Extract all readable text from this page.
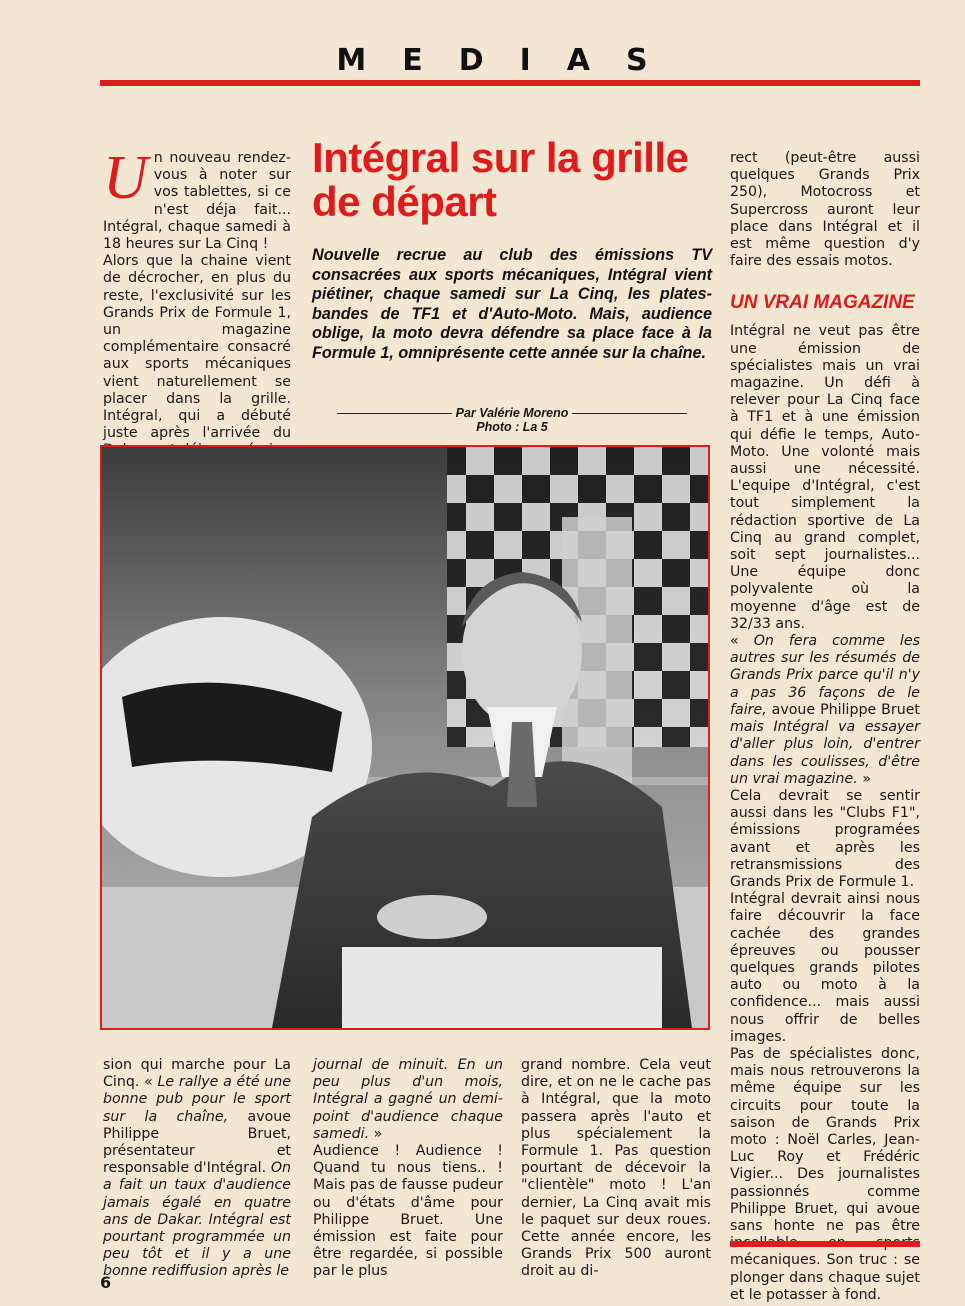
MEDIAS

U n nouveau rendez-vous à noter sur vos tablettes, si ce n'est déja fait... Intégral, chaque samedi à 18 heures sur La Cinq !

Alors que la chaine vient de décrocher, en plus du reste, l'exclusivité sur les Grands Prix de Formule 1, un magazine complémentaire consacré aux sports mécaniques vient naturellement se placer dans la grille. Intégral, qui a débuté juste après l'arrivée du

Intégral sur la grille de départ
Nouvelle recrue au club des émissions TV consacrées aux sports mécaniques, Intégral vient piétiner, chaque samedi sur La Cinq, les plates-bandes de TF1 et d'Auto-Moto. Mais, audience oblige, la moto devra défendre sa place face à la Formule 1, omniprésente cette année sur la chaîne.
Par Valérie Moreno
Photo : La 5

sion qui marche pour La Cinq. « Le rallye a été une bonne pub pour le sport sur la chaîne, avoue Philippe Bruet, présentateur et responsable d'Intégral. On a fait un taux d'audience jamais égalé en quatre ans de Dakar. Intégral est pourtant programmée un peu tôt et il y a une bonne rediffusion après le

journal de minuit. En un peu plus d'un mois, Intégral a gagné un demi-point d'audience chaque samedi. »

Audience ! Audience ! Quand tu nous tiens.. ! Mais pas de fausse pudeur ou d'états d'âme pour Philippe Bruet. Une émission est faite pour être regardée, si possible par le plus

grand nombre. Cela veut dire, et on ne le cache pas à Intégral, que la moto passera après l'auto et plus spécialement la Formule 1. Pas question pourtant de décevoir la "clientèle" moto ! L'an dernier, La Cinq avait mis le paquet sur deux roues. Cette année encore, les Grands Prix 500 auront droit au di-

rect (peut-être aussi quelques Grands Prix 250), Motocross et Supercross auront leur place dans Intégral et il est même question d'y faire des essais motos.

UN VRAI MAGAZINE

Intégral ne veut pas être une émission de spécialistes mais un vrai magazine. Un défi à relever pour La Cinq face à TF1 et à une émission qui défie le temps, Auto-Moto. Une volonté mais aussi une nécessité. L'equipe d'Intégral, c'est tout simplement la rédaction sportive de La Cinq au grand complet, soit sept journalistes... Une équipe donc polyvalente où la moyenne d'âge est de 32/33 ans.

« On fera comme les autres sur les résumés de Grands Prix parce qu'il n'y a pas 36 façons de le faire, avoue Philippe Bruet mais Intégral va essayer d'aller plus loin, d'entrer dans les coulisses, d'être un vrai magazine. »

Cela devrait se sentir aussi dans les "Clubs F1", émissions programées avant et après les retransmissions des Grands Prix de Formule 1.

Intégral devrait ainsi nous faire découvrir la face cachée des grandes épreuves ou pousser quelques grands pilotes auto ou moto à la confidence... mais aussi nous offrir de belles images.

Pas de spécialistes donc, mais nous retrouverons la même équipe sur les circuits pour toute la saison de Grands Prix moto : Noël Carles, Jean-Luc Roy et Frédéric Vigier... Des journalistes passionnés comme Philippe Bruet, qui avoue sans honte ne pas être mécaniques. Son truc : se plonger dans chaque sujet et le potasser à fond.

6
